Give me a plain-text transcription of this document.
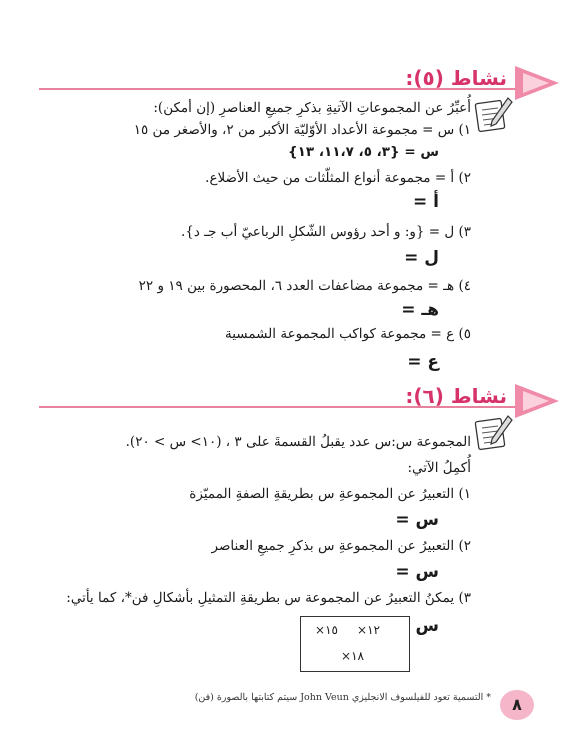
نشاط (٥):
أُعبِّرُ عن المجموعاتِ الآتيةِ بذكرِ جميعِ العناصرِ (إن أمكن):
١) س = مجموعة الأعداد الأوّليّة الأكبر من ٢، والأصغر من ١٥
س = {٣، ٥، ١١،٧، ١٣}
٢) أ = مجموعة أنواع المثلّثات من حيث الأضلاع.
أ =
٣) ل = {و: و أحد رؤوس الشّكلِ الرباعيّ أب جـ د}.
ل =
٤) هـ = مجموعة مضاعفات العدد ٦، المحصورة بين ١٩ و ٢٢
هـ =
٥) ع = مجموعة كواكب المجموعة الشمسية
ع =
نشاط (٦):
المجموعة س:س عدد يقبلُ القسمةَ على ٣ ، (١٠> س > ٢٠).
أُكمِلُ الآتي:
١) التعبيرُ عن المجموعةِ س بطريقةِ الصفةِ المميّزة
س =
٢) التعبيرُ عن المجموعةِ س بذكرِ جميعِ العناصر
س =
٣) يمكنُ التعبيرُ عن المجموعة س بطريقةِ التمثيلِ بأشكالِ فن*، كما يأتي:
س
١٢×
١٥×
١٨×
* التسمية تعود للفيلسوف الانجليزي John Veun سيتم كتابتها بالصورة (فن)	٨
